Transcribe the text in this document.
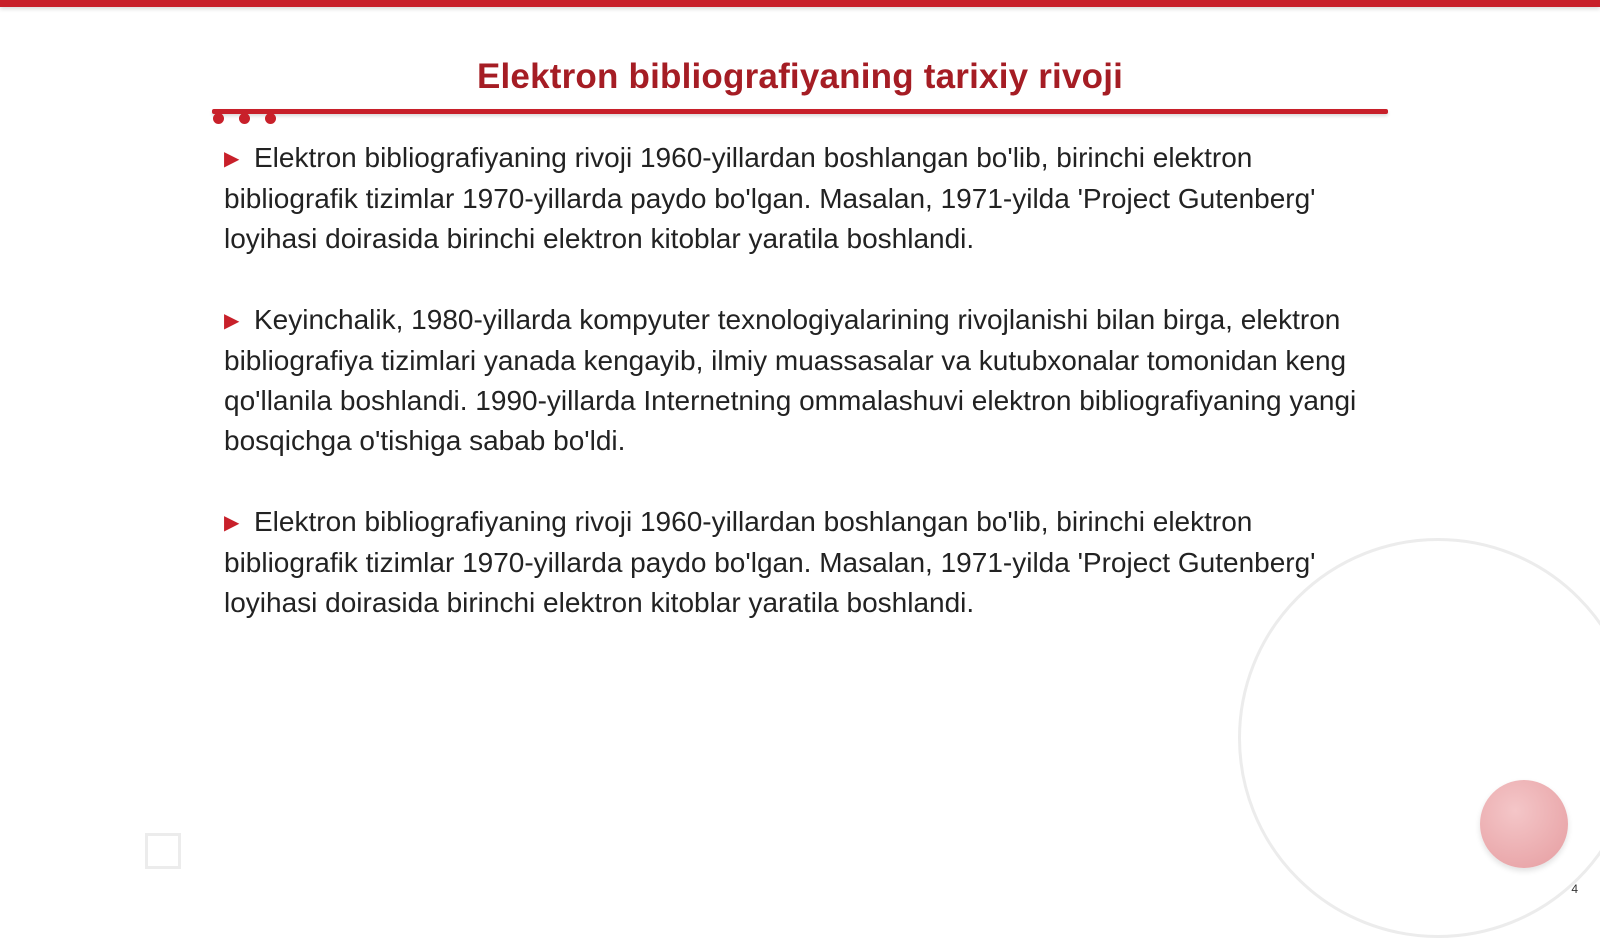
Elektron bibliografiyaning tarixiy rivoji

▶ Elektron bibliografiyaning rivoji 1960-yillardan boshlangan bo'lib, birinchi elektron bibliografik tizimlar 1970-yillarda paydo bo'lgan. Masalan, 1971-yilda 'Project Gutenberg' loyihasi doirasida birinchi elektron kitoblar yaratila boshlandi.

▶ Keyinchalik, 1980-yillarda kompyuter texnologiyalarining rivojlanishi bilan birga, elektron bibliografiya tizimlari yanada kengayib, ilmiy muassasalar va kutubxonalar tomonidan keng qo'llanila boshlandi. 1990-yillarda Internetning ommalashuvi elektron bibliografiyaning yangi bosqichga o'tishiga sabab bo'ldi.

▶ Elektron bibliografiyaning rivoji 1960-yillardan boshlangan bo'lib, birinchi elektron bibliografik tizimlar 1970-yillarda paydo bo'lgan. Masalan, 1971-yilda 'Project Gutenberg' loyihasi doirasida birinchi elektron kitoblar yaratila boshlandi.

4
